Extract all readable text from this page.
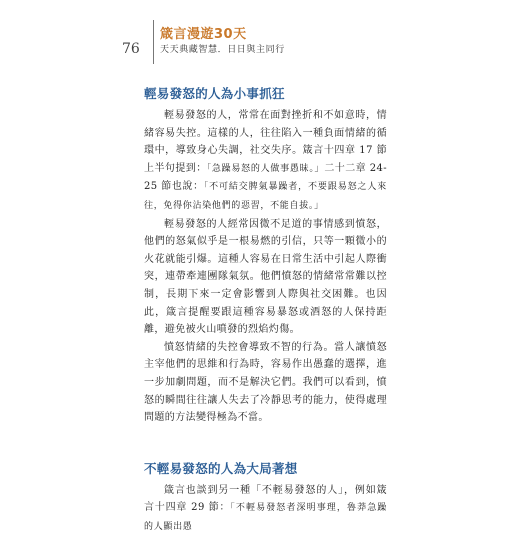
76
箴言漫遊30天
天天典藏智慧．日日與主同行
輕易發怒的人為小事抓狂

輕易發怒的人，常常在面對挫折和不如意時，情緒容易失控。這樣的人，往往陷入一種負面情緒的循環中，導致身心失調，社交失序。箴言十四章 17 節上半句提到：「急躁易怒的人做事愚昧。」二十二章 24-25 節也說：「不可結交脾氣暴躁者，不要跟易怒之人來往，免得你沾染他們的惡習，不能自拔。」

輕易發怒的人經常因微不足道的事情感到憤怒，他們的怒氣似乎是一根易燃的引信，只等一顆微小的火花就能引爆。這種人容易在日常生活中引起人際衝突，連帶牽連團隊氣氛。他們憤怒的情緒常常難以控制，長期下來一定會影響到人際與社交困難。也因此，箴言提醒要跟這種容易暴怒或酒怒的人保持距離，避免被火山噴發的烈焰灼傷。

憤怒情緒的失控會導致不智的行為。當人讓憤怒主宰他們的思維和行為時，容易作出愚蠢的選擇，進一步加劇問題，而不是解決它們。我們可以看到，憤怒的瞬間往往讓人失去了冷靜思考的能力，使得處理問題的方法變得極為不當。

不輕易發怒的人為大局著想

箴言也談到另一種「不輕易發怒的人」，例如箴言十四章 29 節：「不輕易發怒者深明事理，魯莽急躁的人顯出愚
